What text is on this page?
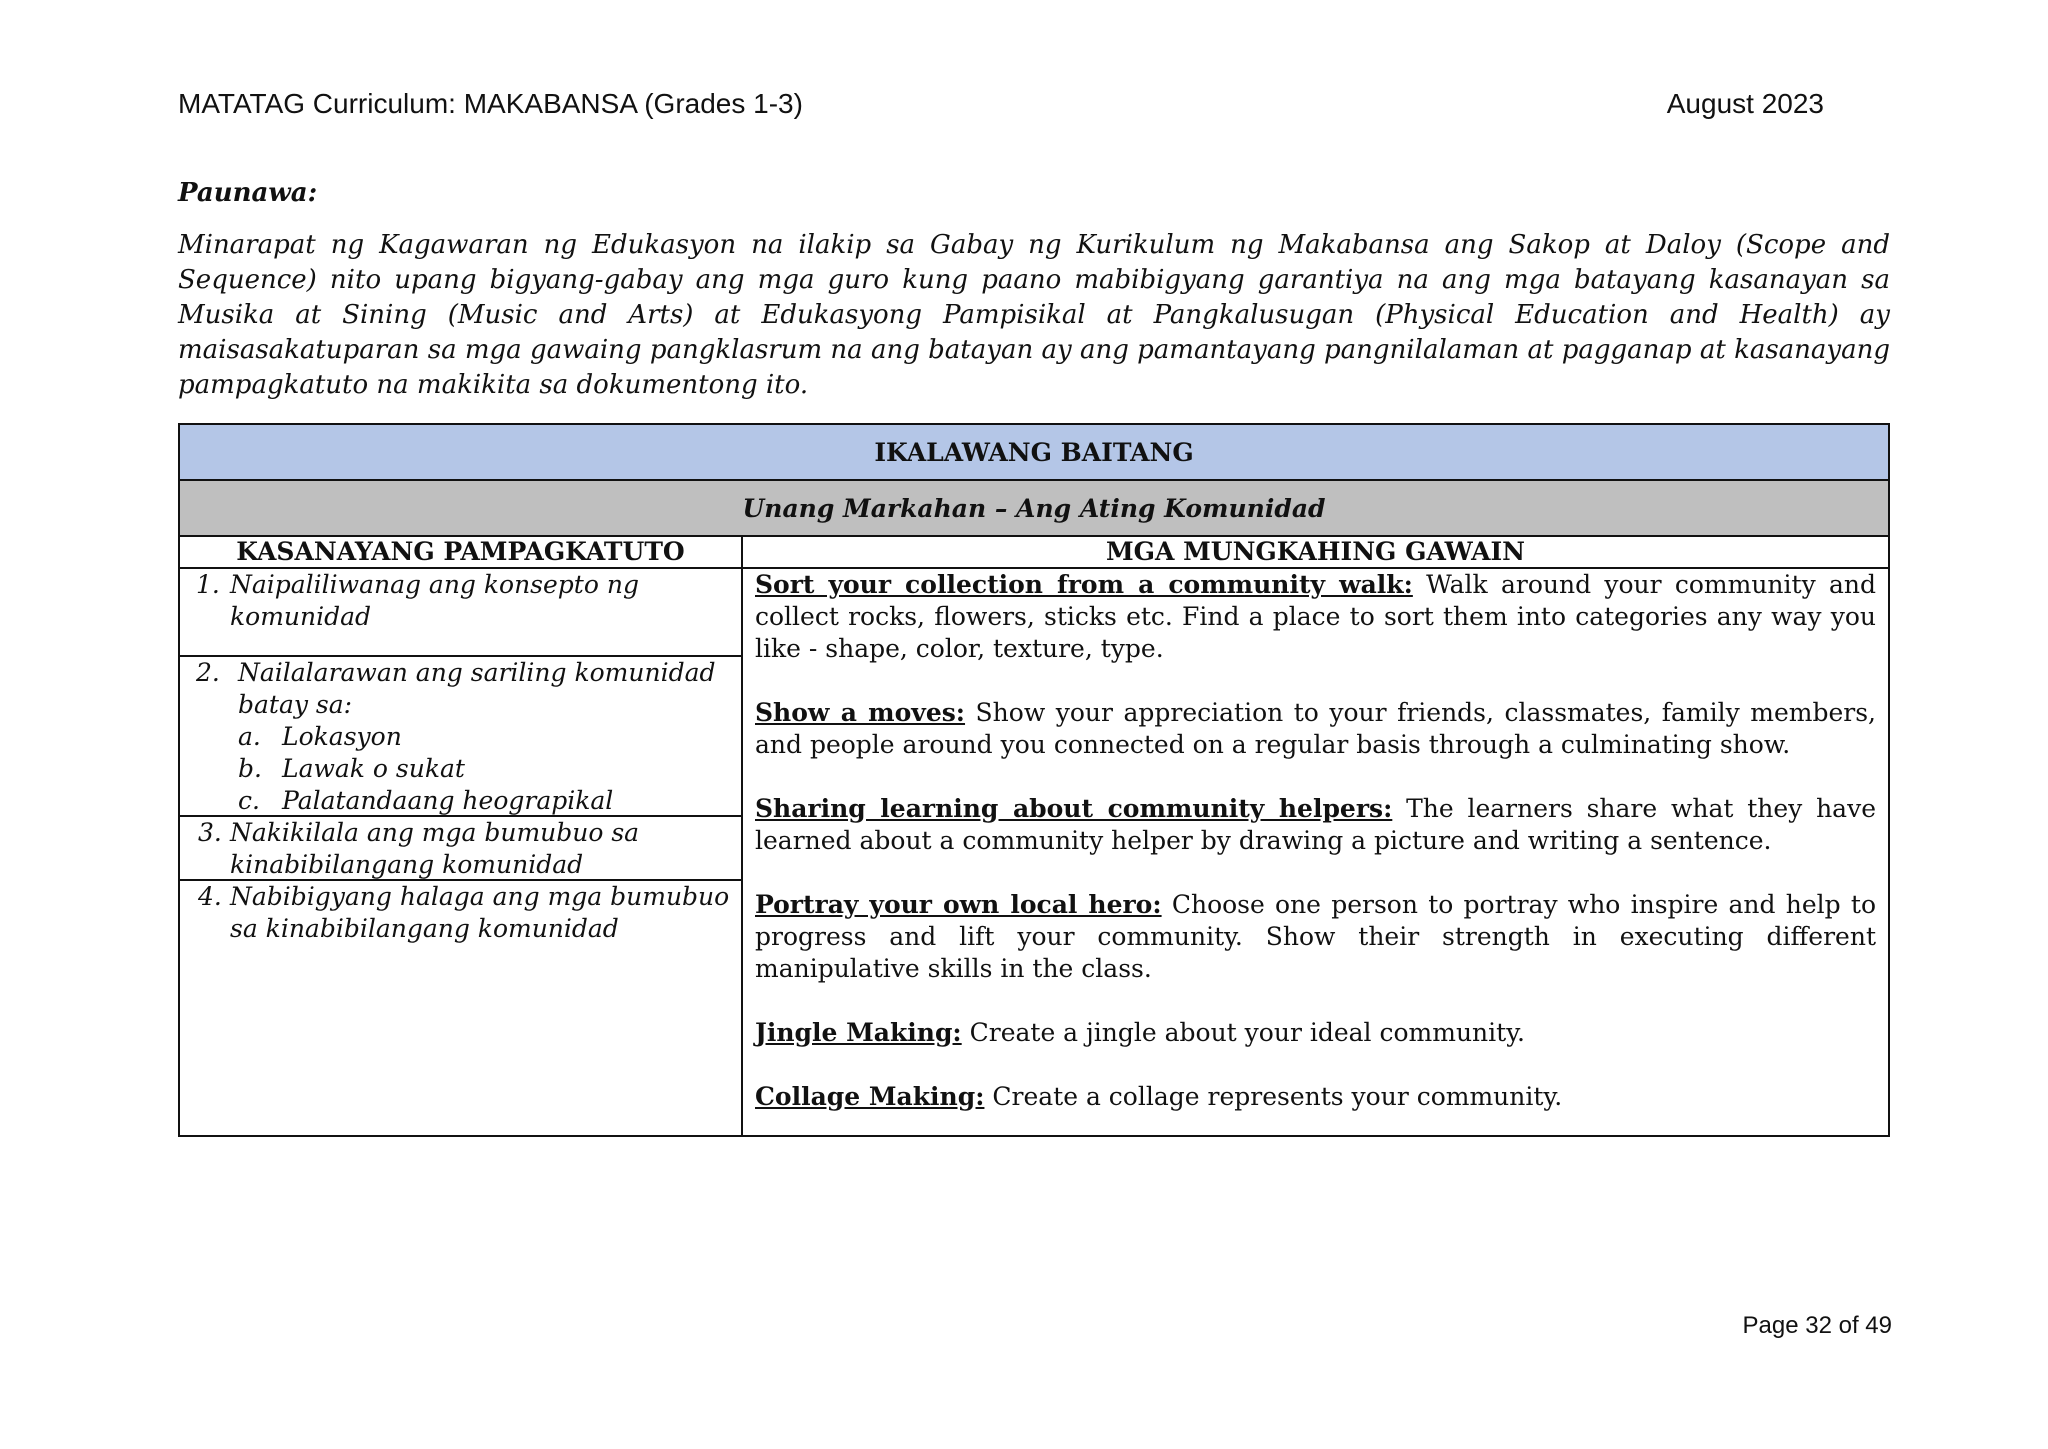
MATATAG Curriculum: MAKABANSA (Grades 1-3)	August 2023
Paunawa:

Minarapat ng Kagawaran ng Edukasyon na ilakip sa Gabay ng Kurikulum ng Makabansa ang Sakop at Daloy (Scope and Sequence) nito upang bigyang-gabay ang mga guro kung paano mabibigyang garantiya na ang mga batayang kasanayan sa Musika at Sining (Music and Arts) at Edukasyong Pampisikal at Pangkalusugan (Physical Education and Health) ay maisasakatuparan sa mga gawaing pangklasrum na ang batayan ay ang pamantayang pangnilalaman at pagganap at kasanayang pampagkatuto na makikita sa dokumentong ito.

IKALAWANG BAITANG
Unang Markahan – Ang Ating Komunidad
KASANAYANG PAMPAGKATUTO
1. Naipaliliwanag ang konsepto ng komunidad
2. Nailalarawan ang sariling komunidad batay sa:
a. Lokasyon
b. Lawak o sukat
c. Palatandaang heograpikal
3. Nakikilala ang mga bumubuo sa kinabibilangang komunidad
4. Nabibigyang halaga ang mga bumubuo sa kinabibilangang komunidad
MGA MUNGKAHING GAWAIN

Sort your collection from a community walk: Walk around your community and collect rocks, flowers, sticks etc. Find a place to sort them into categories any way you like - shape, color, texture, type.

Show a moves: Show your appreciation to your friends, classmates, family members, and people around you connected on a regular basis through a culminating show.

Sharing learning about community helpers: The learners share what they have learned about a community helper by drawing a picture and writing a sentence.

Portray your own local hero: Choose one person to portray who inspire and help to progress and lift your community. Show their strength in executing different manipulative skills in the class.

Jingle Making: Create a jingle about your ideal community.

Collage Making: Create a collage represents your community.

Page 32 of 49
